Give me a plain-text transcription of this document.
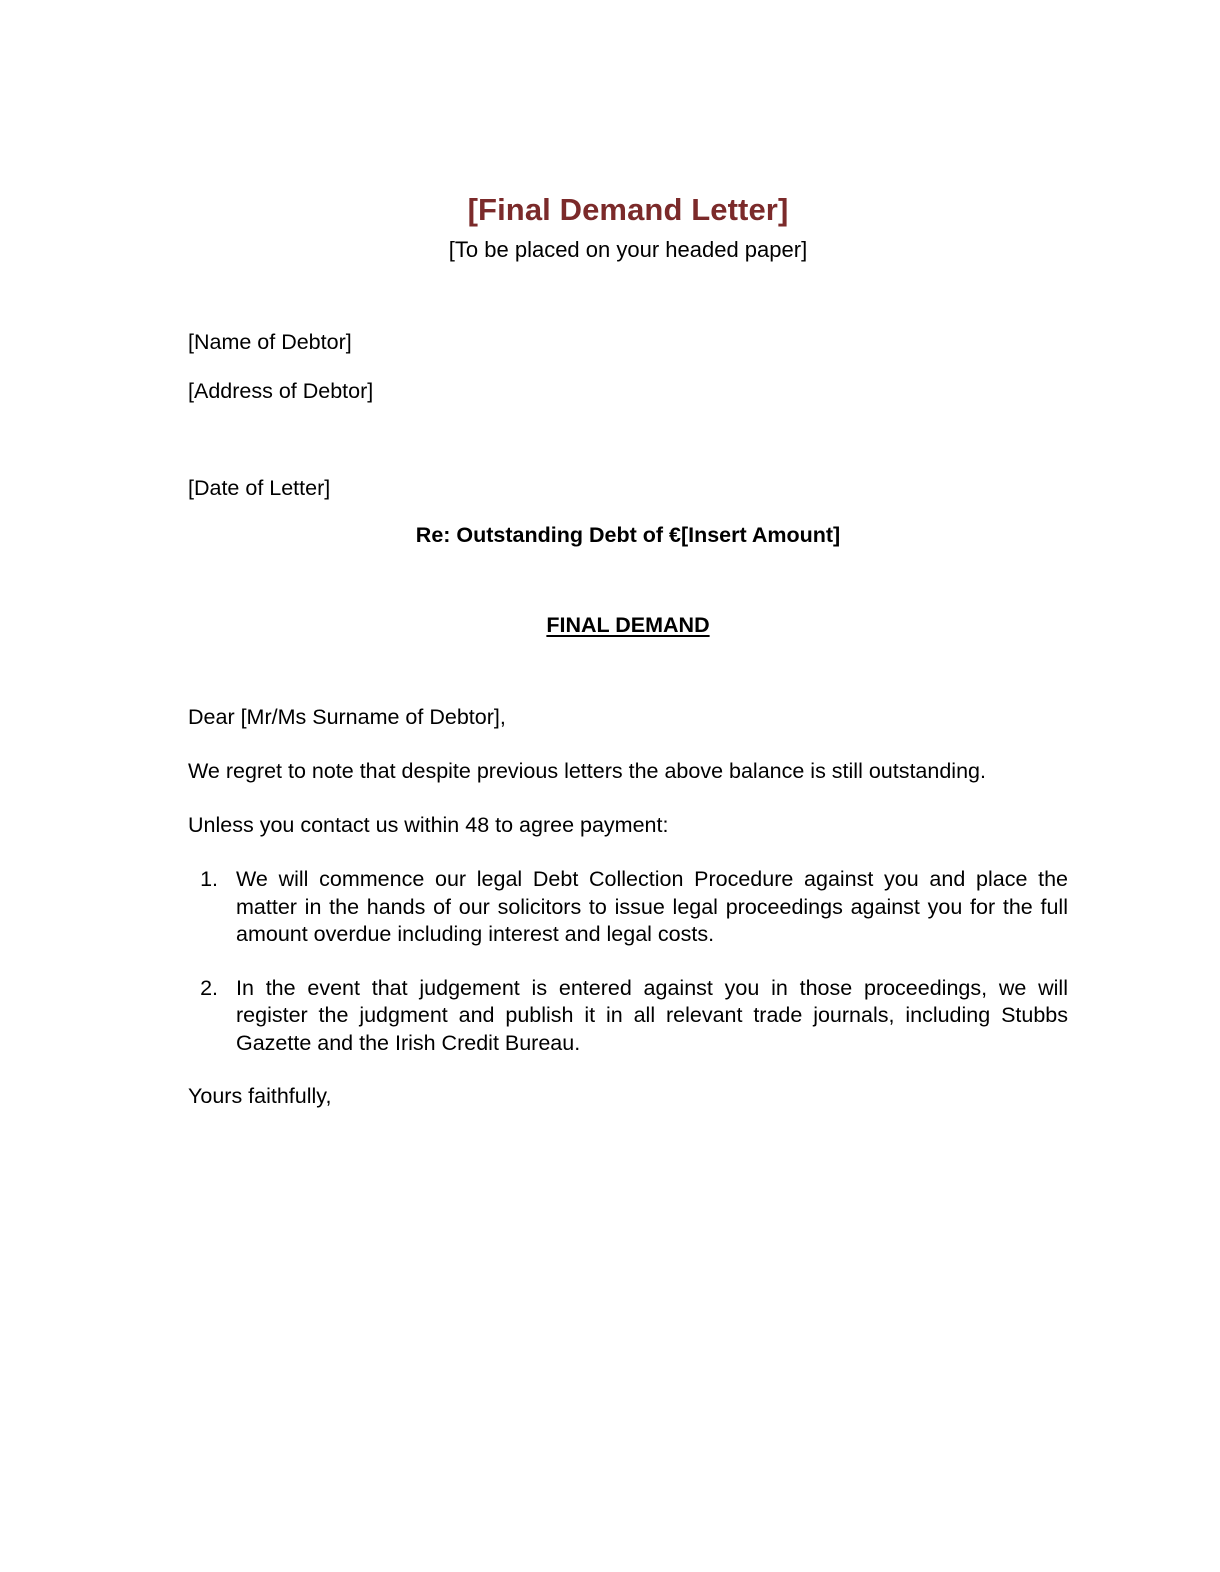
[Final Demand Letter]

[To be placed on your headed paper]

[Name of Debtor]

[Address of Debtor]

[Date of Letter]

Re: Outstanding Debt of €[Insert Amount]

FINAL DEMAND

Dear [Mr/Ms Surname of Debtor],

We regret to note that despite previous letters the above balance is still outstanding.

Unless you contact us within 48 to agree payment:

1. We will commence our legal Debt Collection Procedure against you and place the matter in the hands of our solicitors to issue legal proceedings against you for the full amount overdue including interest and legal costs.
2. In the event that judgement is entered against you in those proceedings, we will register the judgment and publish it in all relevant trade journals, including Stubbs Gazette and the Irish Credit Bureau.

Yours faithfully,
